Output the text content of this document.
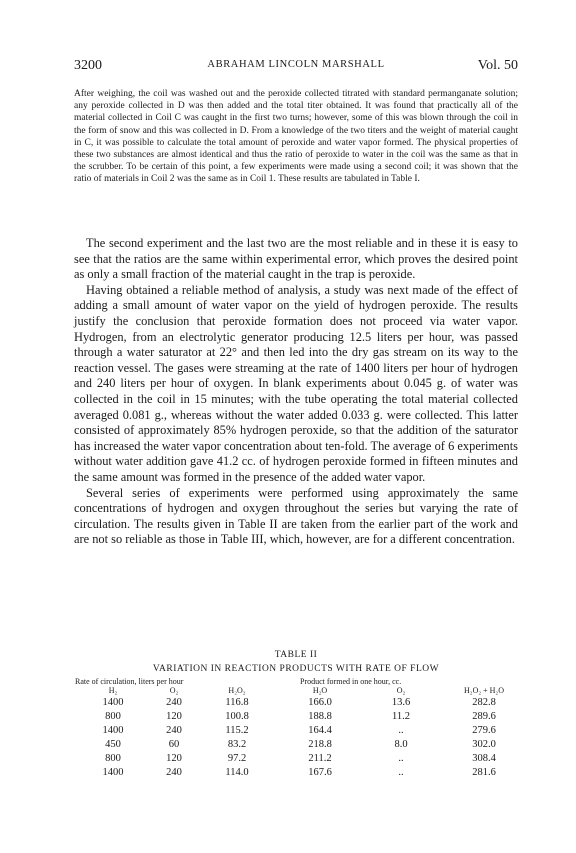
3200	ABRAHAM LINCOLN MARSHALL	Vol. 50

After weighing, the coil was washed out and the peroxide collected titrated with standard permanganate solution; any peroxide collected in D was then added and the total titer obtained. It was found that practically all of the material collected in Coil C was caught in the first two turns; however, some of this was blown through the coil in the form of snow and this was collected in D. From a knowledge of the two titers and the weight of material caught in C, it was possible to calculate the total amount of peroxide and water vapor formed. The physical properties of these two substances are almost identical and thus the ratio of peroxide to water in the coil was the same as that in the scrubber. To be certain of this point, a few experiments were made using a second coil; it was shown that the ratio of materials in Coil 2 was the same as in Coil 1. These results are tabulated in Table I.

The second experiment and the last two are the most reliable and in these it is easy to see that the ratios are the same within experimental error, which proves the desired point as only a small fraction of the material caught in the trap is peroxide.

Having obtained a reliable method of analysis, a study was next made of the effect of adding a small amount of water vapor on the yield of hydrogen peroxide. The results justify the conclusion that peroxide formation does not proceed via water vapor. Hydrogen, from an electrolytic generator producing 12.5 liters per hour, was passed through a water saturator at 22° and then led into the dry gas stream on its way to the reaction vessel. The gases were streaming at the rate of 1400 liters per hour of hydrogen and 240 liters per hour of oxygen. In blank experiments about 0.045 g. of water was collected in the coil in 15 minutes; with the tube operating the total material collected averaged 0.081 g., whereas without the water added 0.033 g. were collected. This latter consisted of approximately 85% hydrogen peroxide, so that the addition of the saturator has increased the water vapor concentration about ten-fold. The average of 6 experiments without water addition gave 41.2 cc. of hydrogen peroxide formed in fifteen minutes and the same amount was formed in the presence of the added water vapor.

Several series of experiments were performed using approximately the same concentrations of hydrogen and oxygen throughout the series but varying the rate of circulation. The results given in Table II are taken from the earlier part of the work and are not so reliable as those in Table III, which, however, are for a different concentration.

TABLE II
VARIATION IN REACTION PRODUCTS WITH RATE OF FLOW
Rate of circulation, liters per hour	Product formed in one hour, cc.
H₂	O₂	H₂O₂	H₂O	O₂	H₂O₂ + H₂O
1400	240	116.8	166.0	13.6	282.8
800	120	100.8	188.8	11.2	289.6
1400	240	115.2	164.4	..	279.6
450	60	83.2	218.8	8.0	302.0
800	120	97.2	211.2	..	308.4
1400	240	114.0	167.6	..	281.6
